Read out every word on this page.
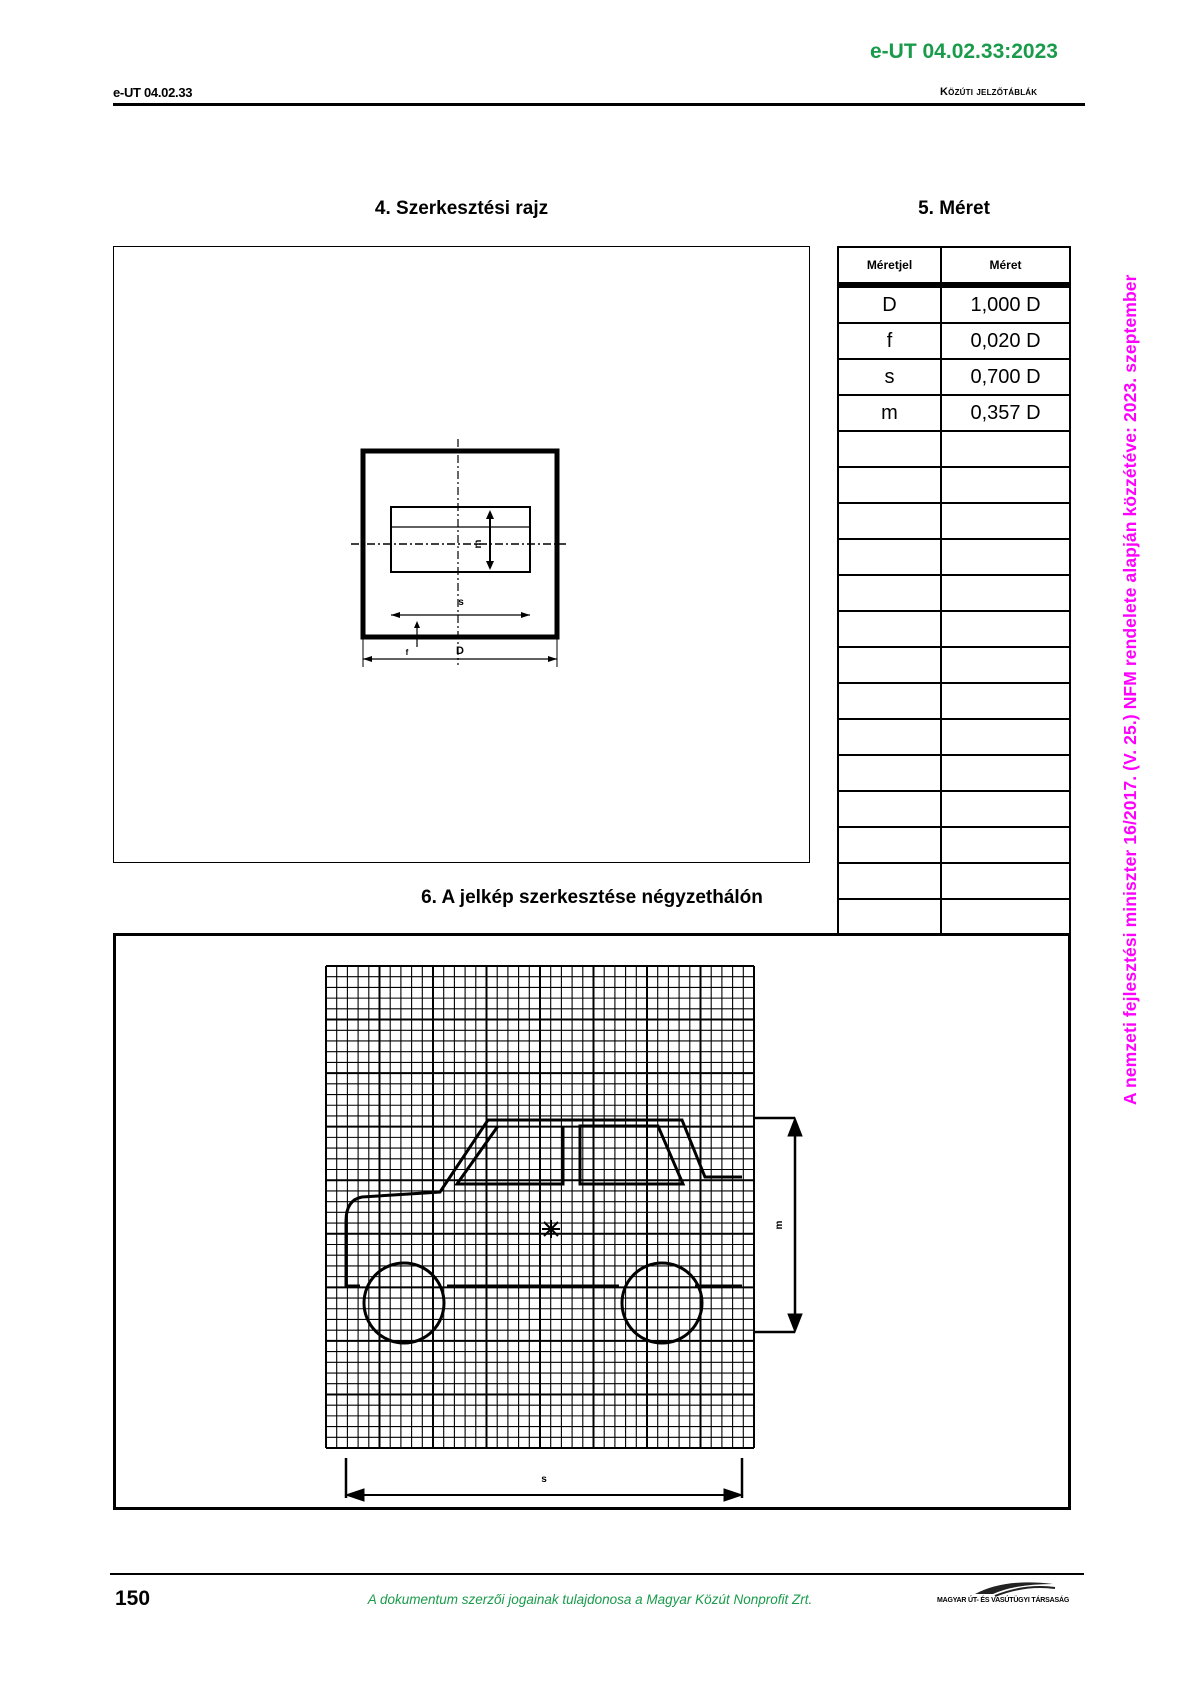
e-UT 04.02.33:2023
e-UT 04.02.33	Közúti jelzőtáblák
A nemzeti fejlesztési miniszter 16/2017. (V. 25.) NFM rendelete alapján közzétéve: 2023. szeptember
4. Szerkesztési rajz
m
s
f	D
5. Méret
Méretjel	Méret
D	1,000 D
f	0,020 D
s	0,700 D
m	0,357 D

6. A jelkép szerkesztése négyzethálón
m
s
150	A dokumentum szerzői jogainak tulajdonosa a Magyar Közút Nonprofit Zrt.	MAGYAR ÚT- ÉS VASÚTÜGYI TÁRSASÁG
